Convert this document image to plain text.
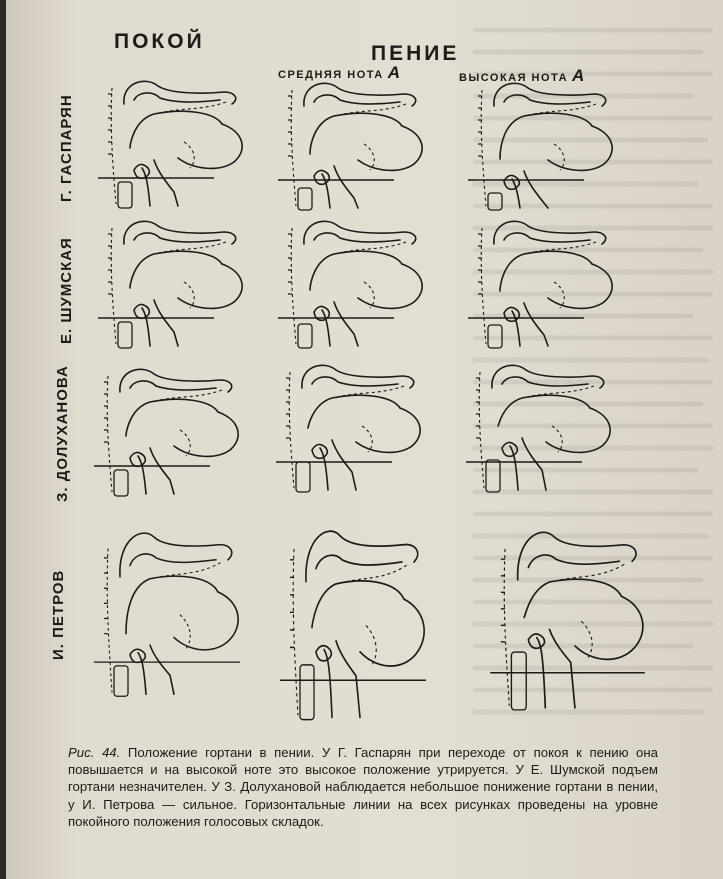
ПОКОЙ
ПЕНИЕ
СРЕДНЯЯ НОТА А	ВЫСОКАЯ НОТА А
Г. ГАСПАРЯН
Е. ШУМСКАЯ
З. ДОЛУХАНОВА
И. ПЕТРОВ
Рис. 44. Положение гортани в пении. У Г. Гаспарян при переходе от покоя к пению она повышается и на высокой ноте это высокое положение утрируется. У Е. Шумской подъем гортани незначителен. У З. Долухановой наблюдается небольшое понижение гортани в пении, у И. Петрова — сильное. Горизонтальные линии на всех рисунках проведены на уровне покойного положения голосовых складок.
